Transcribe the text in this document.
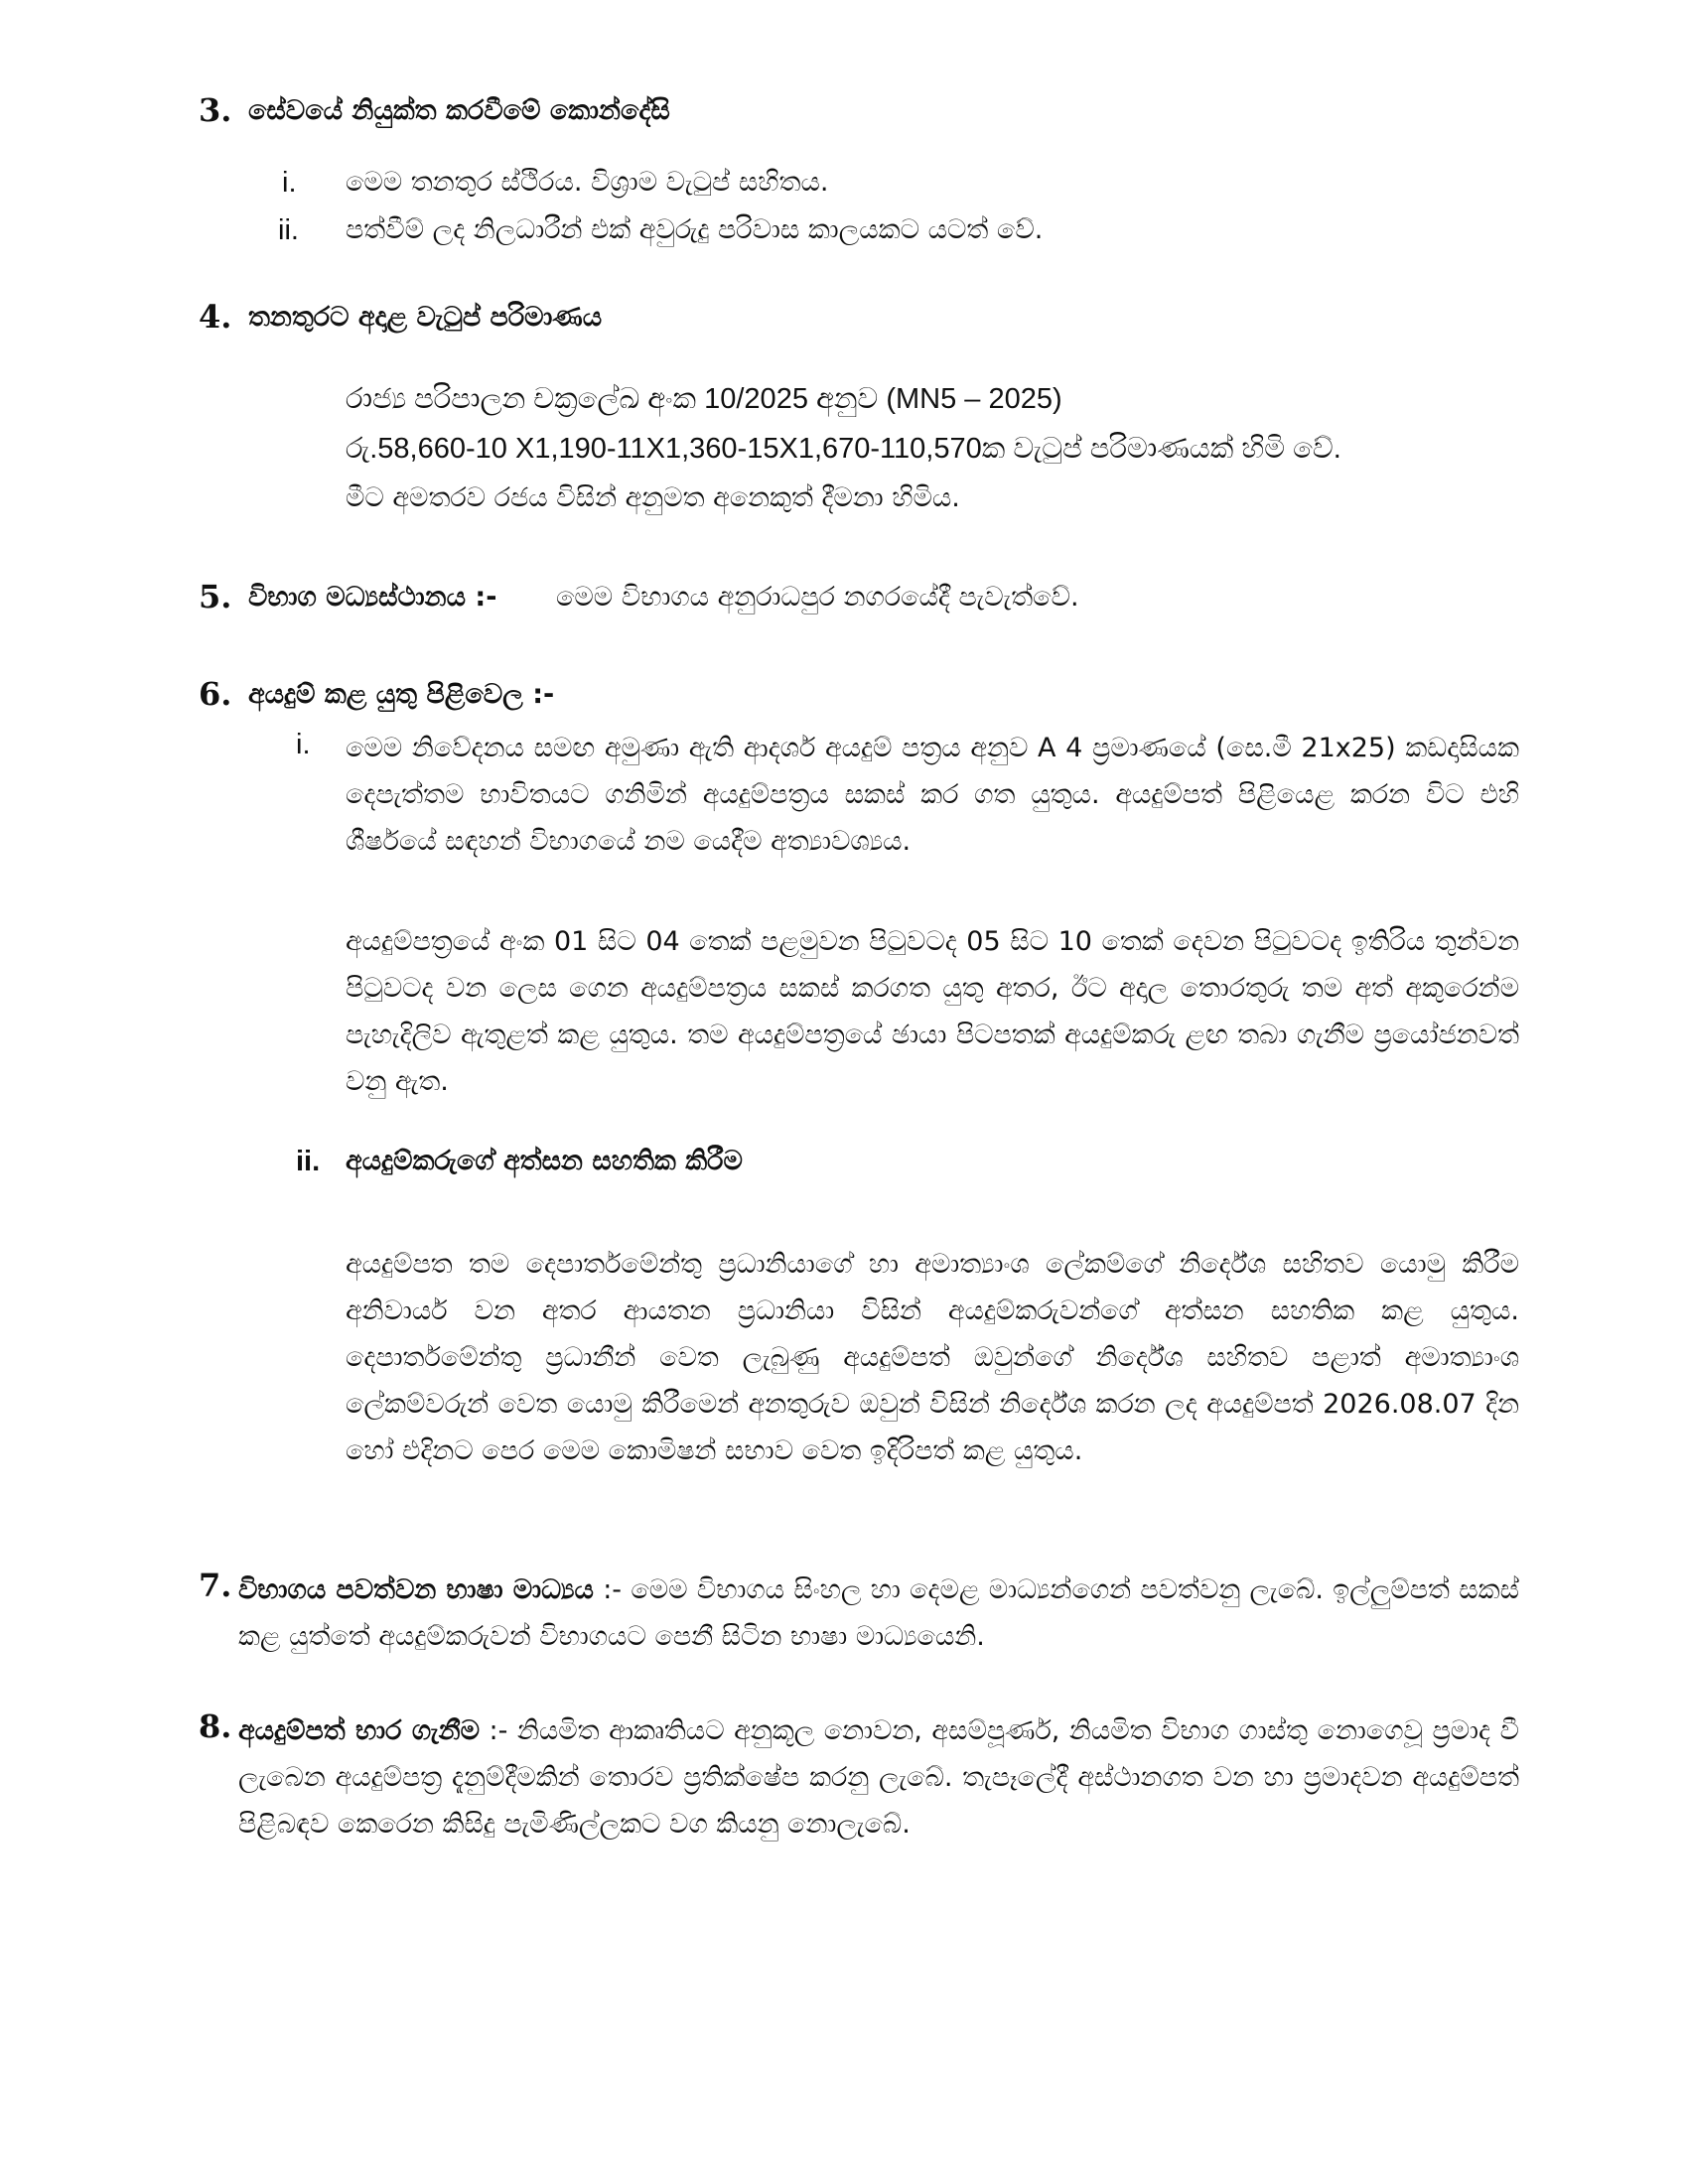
3. සේවයේ නියුක්ත කරවීමේ කොන්දේසි
i. මෙම තනතුර ස්ථිරය. විශ්‍රාම වැටුප් සහිතය.
ii. පත්වීම් ලද නිලධාරීන් එක් අවුරුදු පරිවාස කාලයකට යටත් වේ.
4. තනතුරට අදාළ වැටුප් පරිමාණය
රාජ්‍ය පරිපාලන චක්‍රලේඛ අංක 10/2025 අනුව (MN5 – 2025)
රු.58,660-10 X1,190-11X1,360-15X1,670-110,570ක වැටුප් පරිමාණයක් හිමි වේ.
මීට අමතරව රජය විසින් අනුමත අනෙකුත් දීමනා හිමිය.
5. විභාග මධ්‍යස්ථානය :- මෙම විභාගය අනුරාධපුර නගරයේදී පැවැත්වේ.
6. අයදුම් කළ යුතු පිළිවෙල :-
i. මෙම නිවේදනය සමඟ අමුණා ඇති ආදර්ශ අයදුම් පත්‍රය අනුව A 4 ප්‍රමාණයේ (සෙ.මී 21x25) කඩදාසියක දෙපැත්තම භාවිතයට ගනිමින් අයදුම්පත්‍රය සකස් කර ගත යුතුය. අයදුම්පත් පිළියෙළ කරන විට එහි ශීර්ෂයේ සඳහන් විභාගයේ නම යෙදීම අත්‍යාවශ්‍යය.
අයදුම්පත්‍රයේ අංක 01 සිට 04 තෙක් පළමුවන පිටුවටද 05 සිට 10 තෙක් දෙවන පිටුවටද ඉතිරිය තුන්වන පිටුවටද වන ලෙස ගෙන අයදුම්පත්‍රය සකස් කරගත යුතු අතර, ඊට අදාල තොරතුරු තම අත් අකුරෙන්ම පැහැදිලිව ඇතුළත් කළ යුතුය. තම අයදුම්පත්‍රයේ ඡායා පිටපතක් අයදුම්කරු ළඟ තබා ගැනීම ප්‍රයෝජනවත් වනු ඇත.
ii. අයදුම්කරුගේ අත්සන සහතික කිරීම
අයදුම්පත තම දෙපාර්තමේන්තු ප්‍රධානියාගේ හා අමාත්‍යාංශ ලේකම්ගේ නිර්දේශ සහිතව යොමු කිරීම අනිවාර්ය වන අතර ආයතන ප්‍රධානියා විසින් අයදුම්කරුවන්ගේ අත්සන සහතික කළ යුතුය. දෙපාර්තමේන්තු ප්‍රධානීන් වෙත ලැබුණු අයදුම්පත් ඔවුන්ගේ නිර්දේශ සහිතව පළාත් අමාත්‍යාංශ ලේකම්වරුන් වෙත යොමු කිරීමෙන් අනතුරුව ඔවුන් විසින් නිර්දේශ කරන ලද අයදුම්පත් 2026.08.07 දින හෝ එදිනට පෙර මෙම කොමිෂන් සභාව වෙත ඉදිරිපත් කළ යුතුය.
7. විභාගය පවත්වන භාෂා මාධ්‍යය :- මෙම විභාගය සිංහල හා දෙමළ මාධ්‍යන්ගෙන් පවත්වනු ලැබේ. ඉල්ලුම්පත් සකස් කළ යුත්තේ අයදුම්කරුවන් විභාගයට පෙනී සිටින භාෂා මාධ්‍යයෙනි.
8. අයදුම්පත් භාර ගැනීම :- නියමිත ආකෘතියට අනුකූල නොවන, අසම්පූර්ණ, නියමිත විභාග ගාස්තු නොගෙවූ ප්‍රමාද වී ලැබෙන අයදුම්පත්‍ර දැනුම්දීමකින් තොරව ප්‍රතික්ෂේප කරනු ලැබේ. තැපෑලේදී අස්ථානගත වන හා ප්‍රමාදවන අයදුම්පත් පිළිබඳව කෙරෙන කිසිදු පැමිණිල්ලකට වග කියනු නොලැබේ.
